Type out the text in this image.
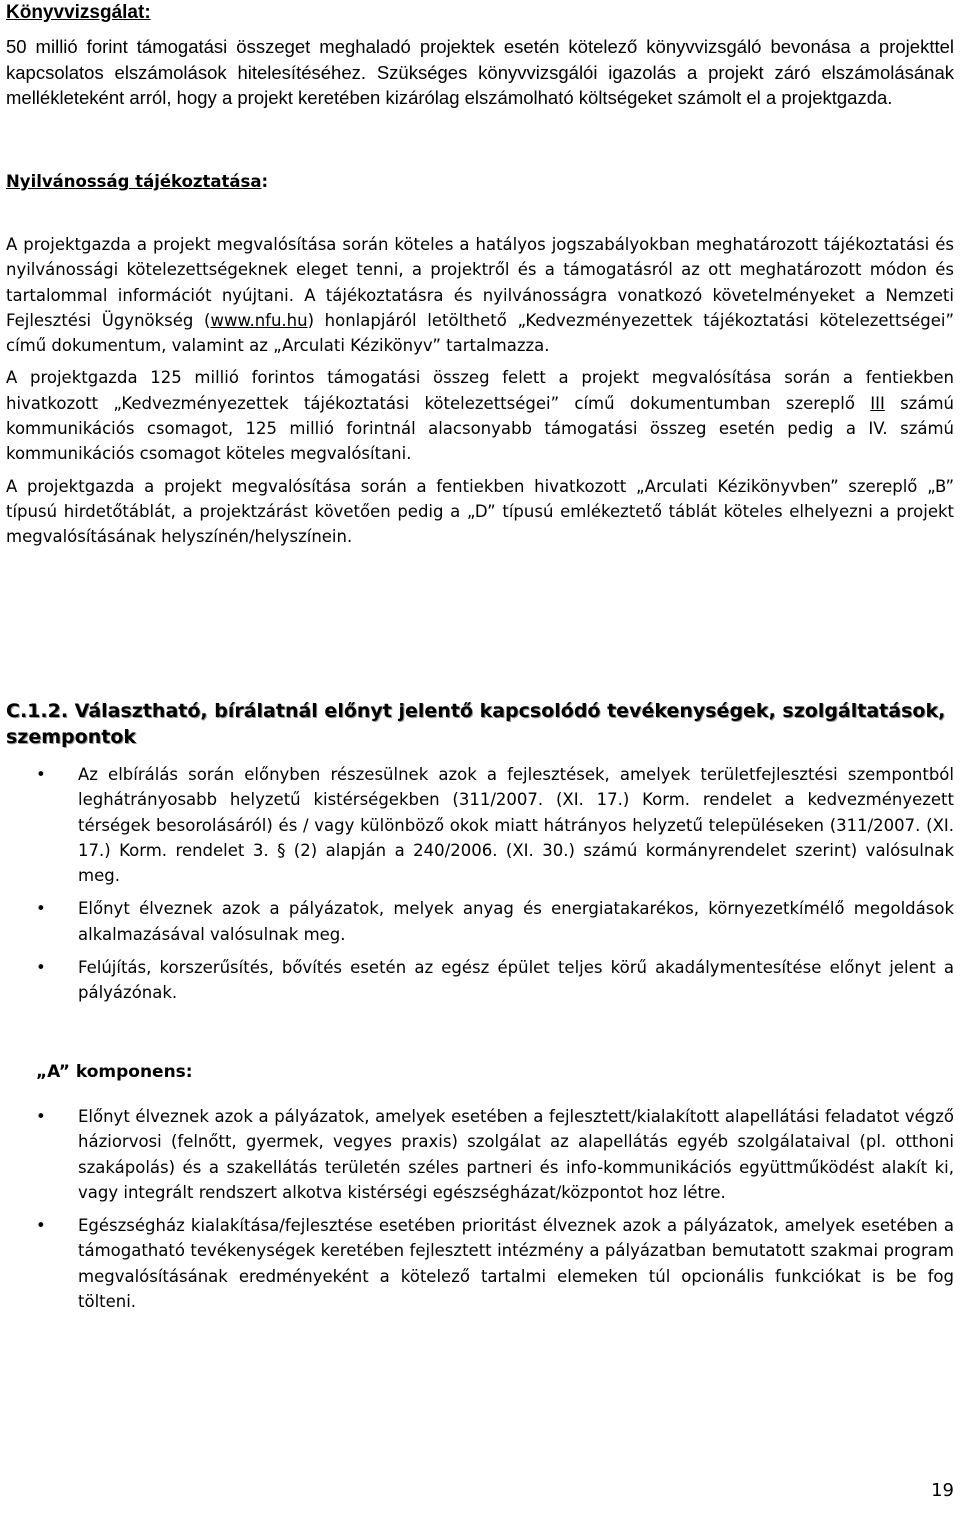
Könyvvizsgálat:

50 millió forint támogatási összeget meghaladó projektek esetén kötelező könyvvizsgáló bevonása a projekttel kapcsolatos elszámolások hitelesítéséhez. Szükséges könyvvizsgálói igazolás a projekt záró elszámolásának mellékleteként arról, hogy a projekt keretében kizárólag elszámolható költségeket számolt el a projektgazda.

Nyilvánosság tájékoztatása:

A projektgazda a projekt megvalósítása során köteles a hatályos jogszabályokban meghatározott tájékoztatási és nyilvánossági kötelezettségeknek eleget tenni, a projektről és a támogatásról az ott meghatározott módon és tartalommal információt nyújtani. A tájékoztatásra és nyilvánosságra vonatkozó követelményeket a Nemzeti Fejlesztési Ügynökség (www.nfu.hu) honlapjáról letölthető „Kedvezményezettek tájékoztatási kötelezettségei” című dokumentum, valamint az „Arculati Kézikönyv” tartalmazza.

A projektgazda 125 millió forintos támogatási összeg felett a projekt megvalósítása során a fentiekben hivatkozott „Kedvezményezettek tájékoztatási kötelezettségei” című dokumentumban szereplő III számú kommunikációs csomagot, 125 millió forintnál alacsonyabb támogatási összeg esetén pedig a IV. számú kommunikációs csomagot köteles megvalósítani.

A projektgazda a projekt megvalósítása során a fentiekben hivatkozott „Arculati Kézikönyvben” szereplő „B” típusú hirdetőtáblát, a projektzárást követően pedig a „D” típusú emlékeztető táblát köteles elhelyezni a projekt megvalósításának helyszínén/helyszínein.

C.1.2. Választható, bírálatnál előnyt jelentő kapcsolódó tevékenységek, szolgáltatások, szempontok
• Az elbírálás során előnyben részesülnek azok a fejlesztések, amelyek területfejlesztési szempontból leghátrányosabb helyzetű kistérségekben (311/2007. (XI. 17.) Korm. rendelet a kedvezményezett térségek besorolásáról) és / vagy különböző okok miatt hátrányos helyzetű településeken (311/2007. (XI. 17.) Korm. rendelet 3. § (2) alapján a 240/2006. (XI. 30.) számú kormányrendelet szerint) valósulnak meg.
• Előnyt élveznek azok a pályázatok, melyek anyag és energiatakarékos, környezetkímélő megoldások alkalmazásával valósulnak meg.
• Felújítás, korszerűsítés, bővítés esetén az egész épület teljes körű akadálymentesítése előnyt jelent a pályázónak.
„A” komponens:
• Előnyt élveznek azok a pályázatok, amelyek esetében a fejlesztett/kialakított alapellátási feladatot végző háziorvosi (felnőtt, gyermek, vegyes praxis) szolgálat az alapellátás egyéb szolgálataival (pl. otthoni szakápolás) és a szakellátás területén széles partneri és info-kommunikációs együttműködést alakít ki, vagy integrált rendszert alkotva kistérségi egészségházat/központot hoz létre.
• Egészségház kialakítása/fejlesztése esetében prioritást élveznek azok a pályázatok, amelyek esetében a támogatható tevékenységek keretében fejlesztett intézmény a pályázatban bemutatott szakmai program megvalósításának eredményeként a kötelező tartalmi elemeken túl opcionális funkciókat is be fog tölteni.
19
